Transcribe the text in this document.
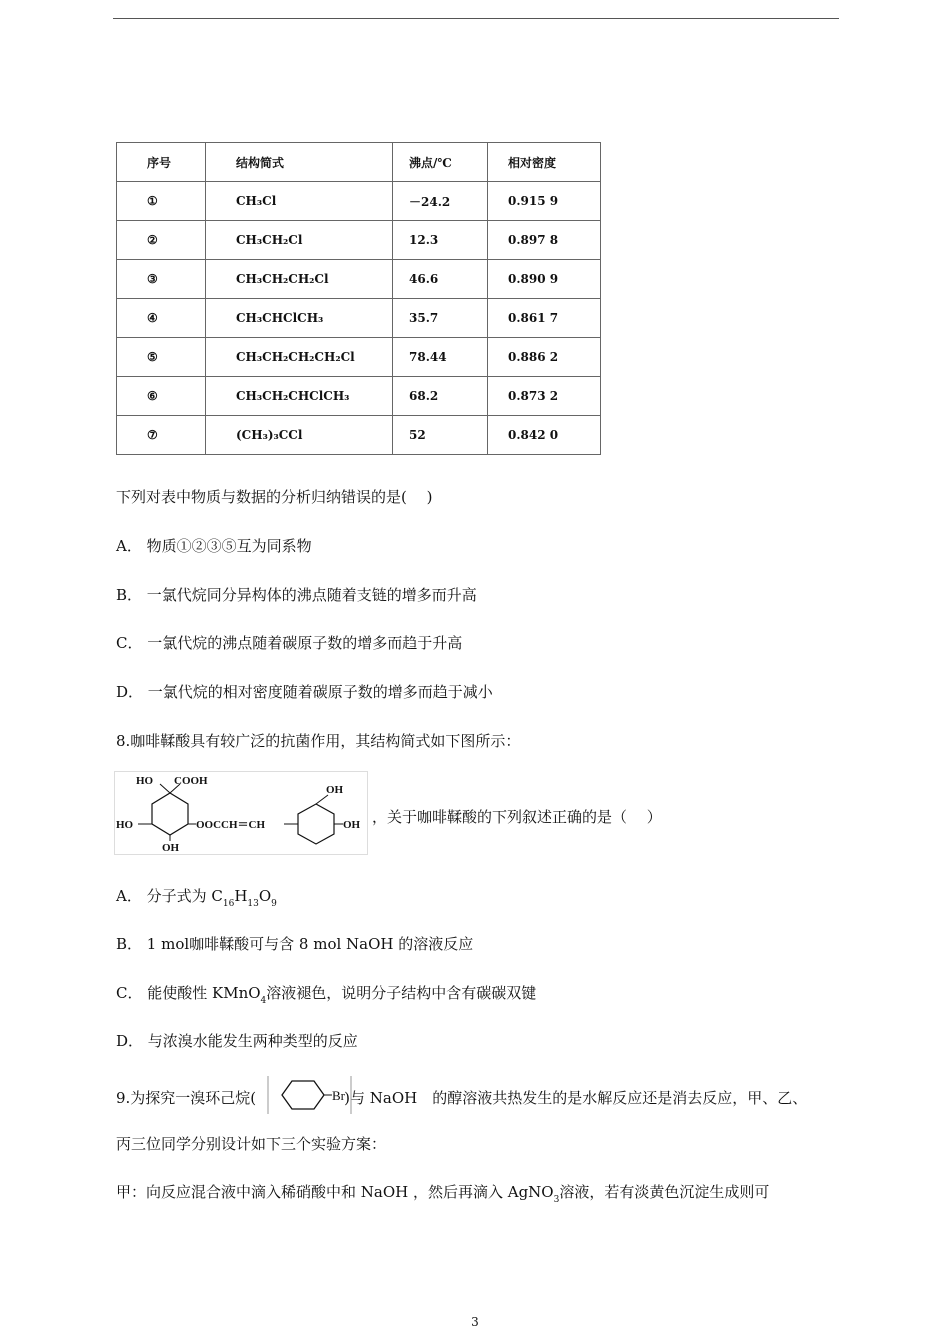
序号	结构简式	沸点/℃	相对密度
①	CH₃Cl	－24.2	0.915 9
②	CH₃CH₂Cl	12.3	0.897 8
③	CH₃CH₂CH₂Cl	46.6	0.890 9
④	CH₃CHClCH₃	35.7	0.861 7
⑤	CH₃CH₂CH₂CH₂Cl	78.44	0.886 2
⑥	CH₃CH₂CHClCH₃	68.2	0.873 2
⑦	(CH₃)₃CCl	52	0.842 0
下列对表中物质与数据的分析归纳错误的是(　 )
A． 物质①②③⑤互为同系物
B． 一氯代烷同分异构体的沸点随着支链的增多而升高
C． 一氯代烷的沸点随着碳原子数的增多而趋于升高
D． 一氯代烷的相对密度随着碳原子数的增多而趋于减小
8.咖啡鞣酸具有较广泛的抗菌作用，其结构简式如下图所示：
HO COOH
HO
OH
OOCCH＝CH
OH
OH ，关于咖啡鞣酸的下列叙述正确的是（　 ）
A． 分子式为 $C_{16}H_{13}O_9$
B． 1 mol咖啡鞣酸可与含 8 mol NaOH 的溶液反应
C． 能使酸性 KMnO$_4$溶液褪色，说明分子结构中含有碳碳双键
D． 与浓溴水能发生两种类型的反应
9.为探究一溴环己烷(	)与 NaOH　的醇溶液共热发生的是水解反应还是消去反应，甲、乙、
Br
丙三位同学分别设计如下三个实验方案：
甲：向反应混合液中滴入稀硝酸中和 NaOH ，然后再滴入 AgNO$_3$溶液，若有淡黄色沉淀生成则可
3
